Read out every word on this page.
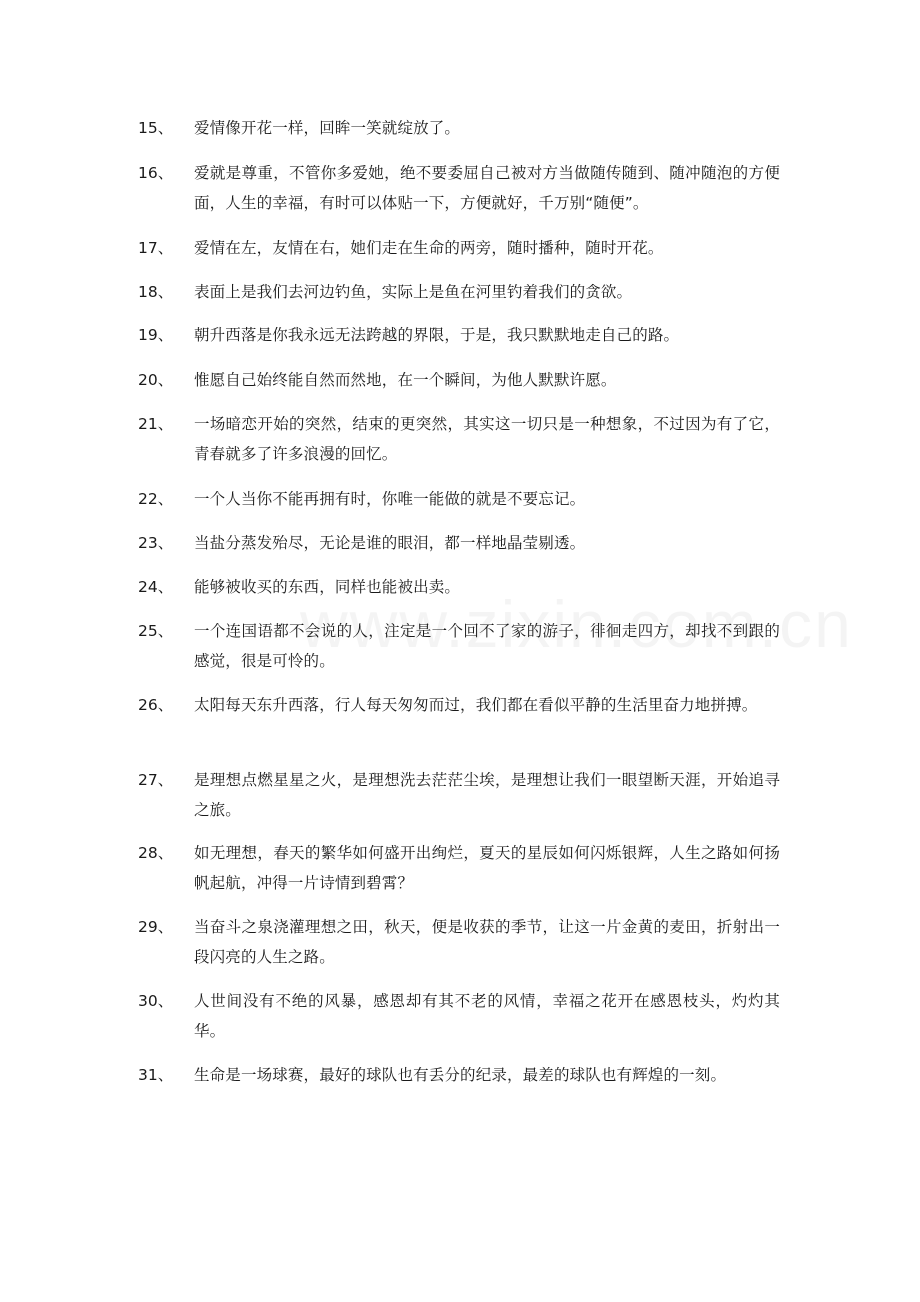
15、 爱情像开花一样，回眸一笑就绽放了。
16、 爱就是尊重，不管你多爱她，绝不要委屈自己被对方当做随传随到、随冲随泡的方便面，人生的幸福，有时可以体贴一下，方便就好，千万别“随便”。
17、 爱情在左，友情在右，她们走在生命的两旁，随时播种，随时开花。
18、 表面上是我们去河边钓鱼，实际上是鱼在河里钓着我们的贪欲。
19、 朝升西落是你我永远无法跨越的界限，于是，我只默默地走自己的路。
20、 惟愿自己始终能自然而然地，在一个瞬间，为他人默默许愿。
21、 一场暗恋开始的突然，结束的更突然，其实这一切只是一种想象，不过因为有了它，青春就多了许多浪漫的回忆。
22、 一个人当你不能再拥有时，你唯一能做的就是不要忘记。
23、 当盐分蒸发殆尽，无论是谁的眼泪，都一样地晶莹剔透。
24、 能够被收买的东西，同样也能被出卖。
25、 一个连国语都不会说的人，注定是一个回不了家的游子，徘徊走四方，却找不到跟的感觉，很是可怜的。
26、 太阳每天东升西落，行人每天匆匆而过，我们都在看似平静的生活里奋力地拼搏。
27、 是理想点燃星星之火，是理想洗去茫茫尘埃，是理想让我们一眼望断天涯，开始追寻之旅。
28、 如无理想，春天的繁华如何盛开出绚烂，夏天的星辰如何闪烁银辉，人生之路如何扬帆起航，冲得一片诗情到碧霄？
29、 当奋斗之泉浇灌理想之田，秋天，便是收获的季节，让这一片金黄的麦田，折射出一段闪亮的人生之路。
30、 人世间没有不绝的风暴，感恩却有其不老的风情，幸福之花开在感恩枝头，灼灼其华。
31、 生命是一场球赛，最好的球队也有丢分的纪录，最差的球队也有辉煌的一刻。
